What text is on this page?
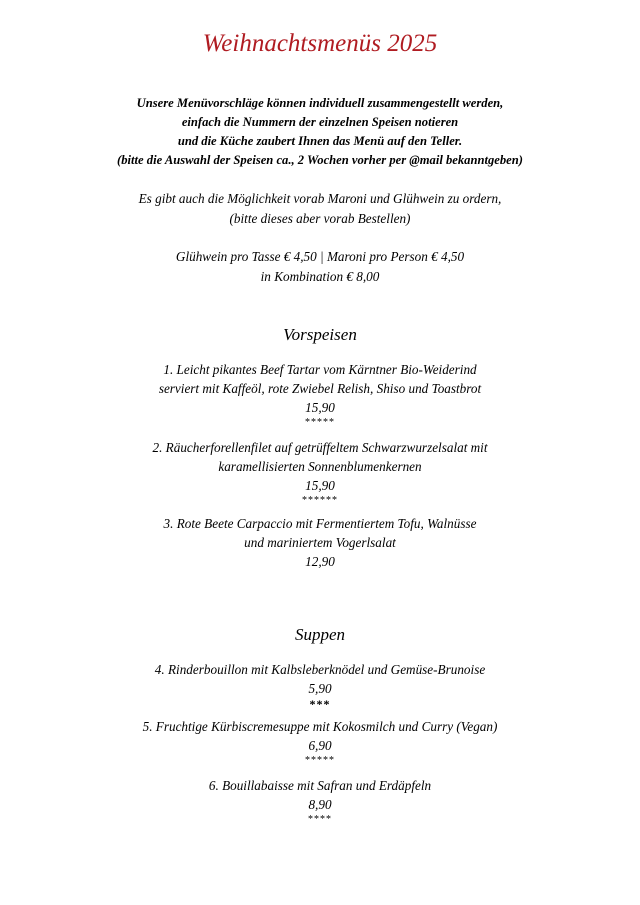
Weihnachtsmenüs 2025
Unsere Menüvorschläge können individuell zusammengestellt werden,
einfach die Nummern der einzelnen Speisen notieren
und die Küche zaubert Ihnen das Menü auf den Teller.
(bitte die Auswahl der Speisen ca., 2 Wochen vorher per @mail bekanntgeben)
Es gibt auch die Möglichkeit vorab Maroni und Glühwein zu ordern,
(bitte dieses aber vorab Bestellen)
Glühwein pro Tasse € 4,50 | Maroni pro Person € 4,50
in Kombination € 8,00
Vorspeisen
1. Leicht pikantes Beef Tartar vom Kärntner Bio-Weiderind
serviert mit Kaffeöl, rote Zwiebel Relish, Shiso und Toastbrot
15,90
*****
2. Räucherforellenfilet auf getrüffeltem Schwarzwurzelsalat mit
karamellisierten Sonnenblumenkernen
15,90
******
3. Rote Beete Carpaccio mit Fermentiertem Tofu, Walnüsse
und mariniertem Vogerlsalat
12,90
Suppen
4. Rinderbouillon mit Kalbsleberknödel und Gemüse-Brunoise
5,90
***
5. Fruchtige Kürbiscremesuppe mit Kokosmilch und Curry (Vegan)
6,90
*****
6. Bouillabaisse mit Safran und Erdäpfeln
8,90
****
